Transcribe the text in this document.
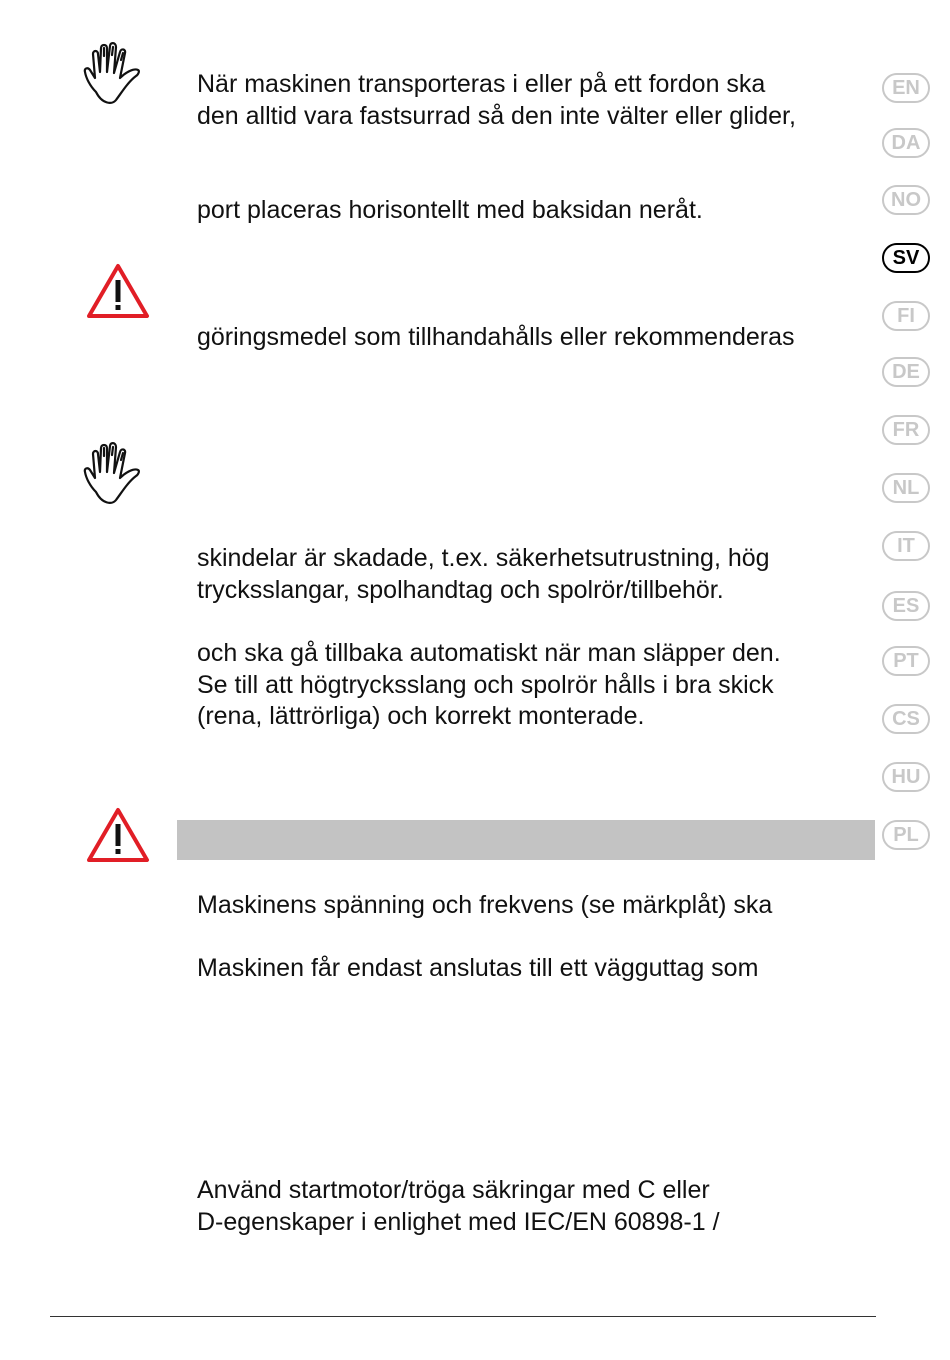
När maskinen transporteras i eller på ett fordon ska
den alltid vara fastsurrad så den inte välter eller glider,

port placeras horisontellt med baksidan neråt.

göringsmedel som tillhandahålls eller rekommenderas

skindelar är skadade, t.ex. säkerhetsutrustning, hög
trycksslangar, spolhandtag och spolrör/tillbehör.

och ska gå tillbaka automatiskt när man släpper den.
Se till att högtrycksslang och spolrör hålls i bra skick
(rena, lättrörliga) och korrekt monterade.

Maskinens spänning och frekvens (se märkplåt) ska

Maskinen får endast anslutas till ett vägguttag som

Använd startmotor/tröga säkringar med C eller
D-egenskaper i enlighet med IEC/EN 60898-1 /

EN
DA
NO
SV
FI
DE
FR
NL
IT
ES
PT
CS
HU
PL
